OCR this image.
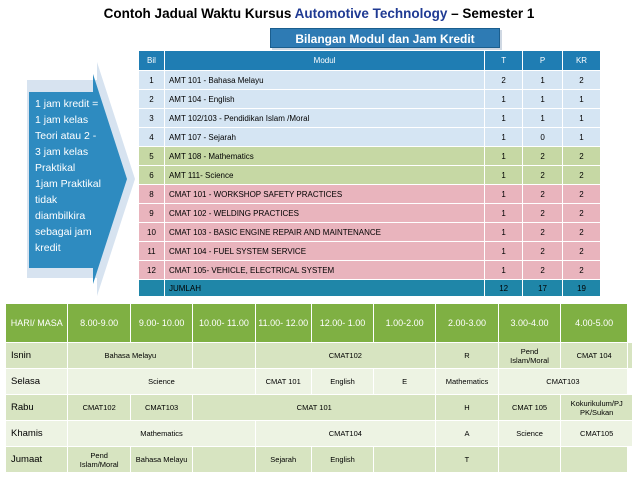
Contoh Jadual Waktu Kursus Automotive Technology – Semester 1
Bilangan Modul dan Jam Kredit
1 jam kredit =
1 jam kelas
Teori atau 2 -
3 jam kelas
Praktikal
1jam Praktikal
tidak
diambilkira
sebagai jam
kredit
Bil	Modul	T	P	KR
1	AMT 101 - Bahasa Melayu	2	1	2
2	AMT 104 - English	1	1	1
3	AMT 102/103 - Pendidikan Islam /Moral	1	1	1
4	AMT 107 - Sejarah	1	0	1
5	AMT 108 - Mathematics	1	2	2
6	AMT 111- Science	1	2	2
8	CMAT 101 - WORKSHOP SAFETY PRACTICES	1	2	2
9	CMAT 102 - WELDING PRACTICES	1	2	2
10	CMAT 103 - BASIC ENGINE REPAIR AND MAINTENANCE	1	2	2
11	CMAT 104 - FUEL SYSTEM SERVICE	1	2	2
12	CMAT 105- VEHICLE, ELECTRICAL SYSTEM	1	2	2
	JUMLAH	12	17	19
HARI/ MASA	8.00-9.00	9.00- 10.00	10.00- 11.00	11.00- 12.00	12.00- 1.00	1.00-2.00	2.00-3.00	3.00-4.00	4.00-5.00	
Isnin	Bahasa Melayu			CMAT102			R	Pend Islam/Moral	CMAT 104	
Selasa	Science			CMAT 101	English	E	Mathematics	CMAT103		
Rabu	CMAT102	CMAT103	CMAT 101				H	CMAT 105	Kokurikulum/PJ PK/Sukan	
Khamis	Mathematics			CMAT104			A	Science	CMAT105	
Jumaat	Pend Islam/Moral	Bahasa Melayu		Sejarah	English		T			
